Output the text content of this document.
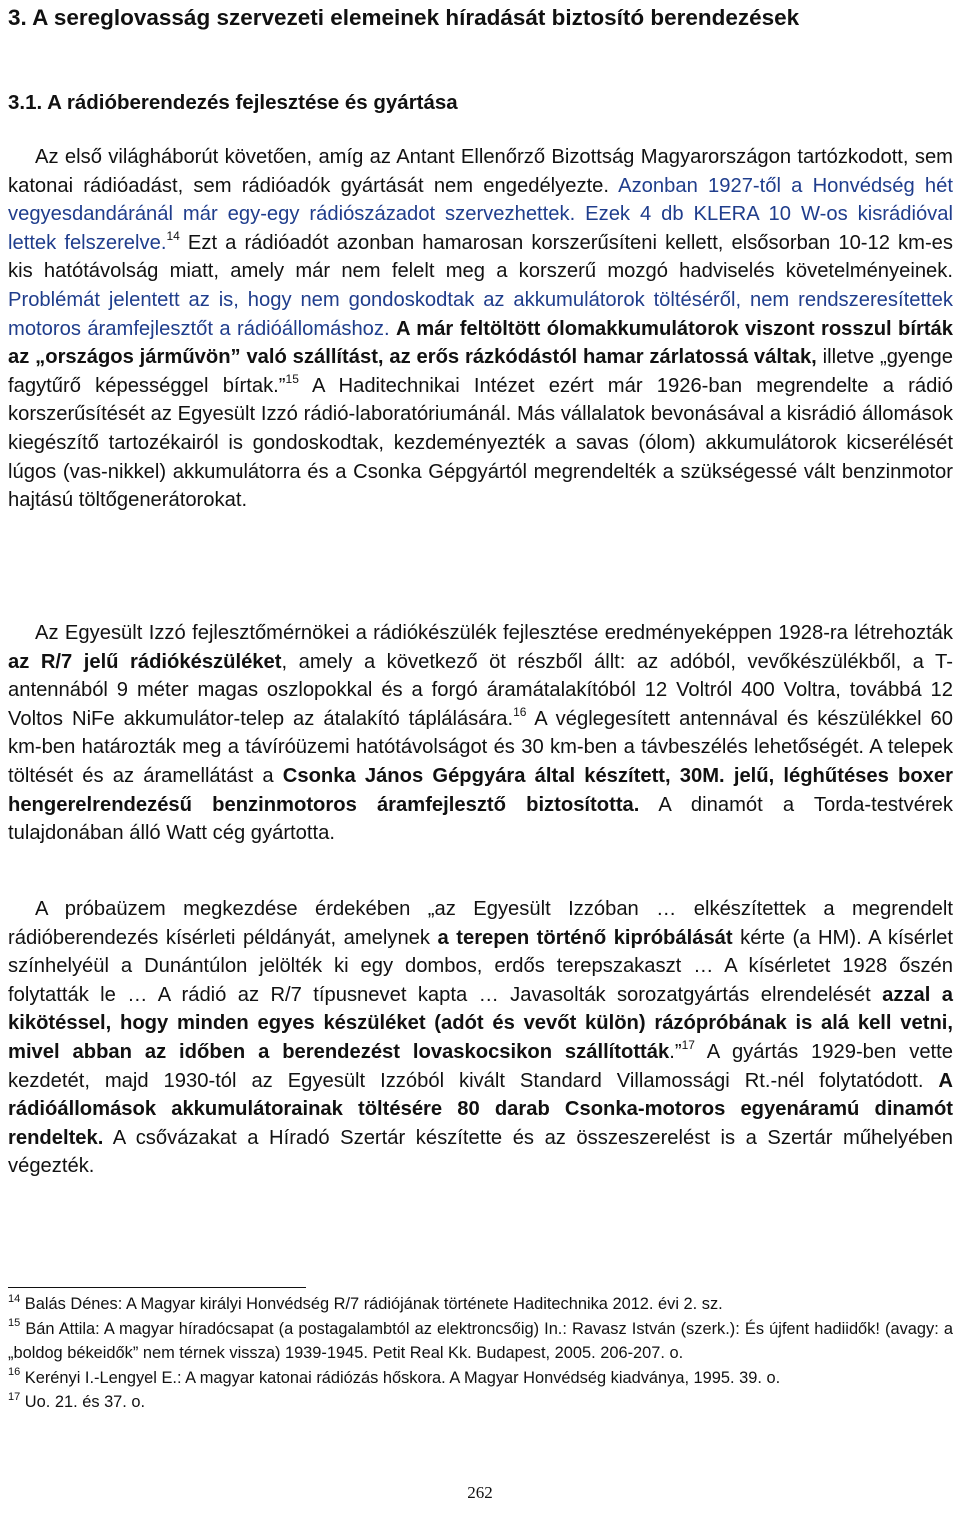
3. A sereglovasság szervezeti elemeinek híradását biztosító berendezések
3.1. A rádióberendezés fejlesztése és gyártása

Az első világháborút követően, amíg az Antant Ellenőrző Bizottság Magyarországon tartózkodott, sem katonai rádióadást, sem rádióadók gyártását nem engedélyezte. Azonban 1927-től a Honvédség hét vegyesdandáránál már egy-egy rádiószázadot szervezhettek. Ezek 4 db KLERA 10 W-os kisrádióval lettek felszerelve.$^{14}$ Ezt a rádióadót azonban hamarosan korszerűsíteni kellett, elsősorban 10-12 km-es kis hatótávolság miatt, amely már nem felelt meg a korszerű mozgó hadviselés követelményeinek. Problémát jelentett az is, hogy nem gondoskodtak az akkumulátorok töltéséről, nem rendszeresítettek motoros áramfejlesztőt a rádióállomáshoz. A már feltöltött ólomakkumulátorok viszont rosszul bírták az „országos járművön” való szállítást, az erős rázkódástól hamar zárlatossá váltak, illetve „gyenge fagytűrő képességgel bírtak.”$^{15}$ A Haditechnikai Intézet ezért már 1926-ban megrendelte a rádió korszerűsítését az Egyesült Izzó rádió-laboratóriumánál. Más vállalatok bevonásával a kisrádió állomások kiegészítő tartozékairól is gondoskodtak, kezdeményezték a savas (ólom) akkumulátorok kicserélését lúgos (vas-nikkel) akkumulátorra és a Csonka Gépgyártól megrendelték a szükségessé vált benzinmotor hajtású töltőgenerátorokat.

Az Egyesült Izzó fejlesztőmérnökei a rádiókészülék fejlesztése eredményeképpen 1928-ra létrehozták az R/7 jelű rádiókészüléket, amely a következő öt részből állt: az adóból, vevőkészülékből, a T-antennából 9 méter magas oszlopokkal és a forgó áramátalakítóból 12 Voltról 400 Voltra, továbbá 12 Voltos NiFe akkumulátor-telep az átalakító táplálására.$^{16}$ A véglegesített antennával és készülékkel 60 km-ben határozták meg a távíróüzemi hatótávolságot és 30 km-ben a távbeszélés lehetőségét. A telepek töltését és az áramellátást a Csonka János Gépgyára által készített, 30M. jelű, léghűtéses boxer hengerelrendezésű benzinmotoros áramfejlesztő biztosította. A dinamót a Torda-testvérek tulajdonában álló Watt cég gyártotta.

A próbaüzem megkezdése érdekében „az Egyesült Izzóban … elkészítettek a megrendelt rádióberendezés kísérleti példányát, amelynek a terepen történő kipróbálását kérte (a HM). A kísérlet színhelyéül a Dunántúlon jelölték ki egy dombos, erdős terepszakaszt … A kísérletet 1928 őszén folytatták le … A rádió az R/7 típusnevet kapta … Javasolták sorozatgyártás elrendelését azzal a kikötéssel, hogy minden egyes készüléket (adót és vevőt külön) rázópróbának is alá kell vetni, mivel abban az időben a berendezést lovaskocsikon szállították.”$^{17}$ A gyártás 1929-ben vette kezdetét, majd 1930-tól az Egyesült Izzóból kivált Standard Villamossági Rt.-nél folytatódott. A rádióállomások akkumulátorainak töltésére 80 darab Csonka-motoros egyenáramú dinamót rendeltek. A csővázakat a Híradó Szertár készítette és az összeszerelést is a Szertár műhelyében végezték.

$^{14}$ Balás Dénes: A Magyar királyi Honvédség R/7 rádiójának története Haditechnika 2012. évi 2. sz.

$^{15}$ Bán Attila: A magyar híradócsapat (a postagalambtól az elektroncsőig) In.: Ravasz István (szerk.): És újfent hadiidők! (avagy: a „boldog békeidők” nem térnek vissza) 1939-1945. Petit Real Kk. Budapest, 2005. 206-207. o.

$^{16}$ Kerényi I.-Lengyel E.: A magyar katonai rádiózás hőskora. A Magyar Honvédség kiadványa, 1995. 39. o.

$^{17}$ Uo. 21. és 37. o.

262
